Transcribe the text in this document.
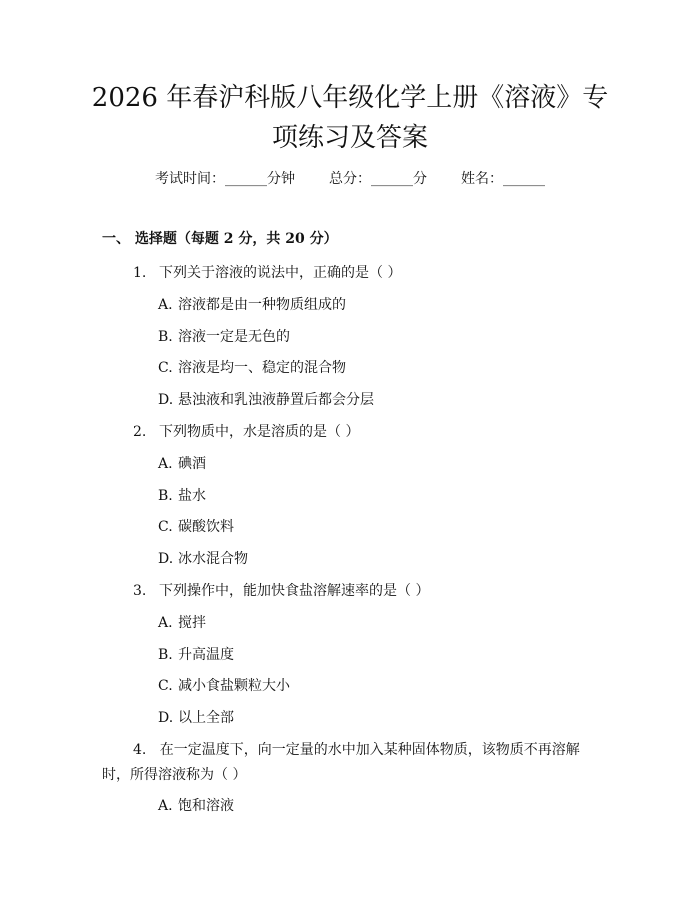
2026 年春沪科版八年级化学上册《溶液》专
项练习及答案
考试时间：______分钟 总分：______分 姓名：______
一、 选择题（每题 2 分，共 20 分）
1. 下列关于溶液的说法中，正确的是（ ）
A. 溶液都是由一种物质组成的
B. 溶液一定是无色的
C. 溶液是均一、稳定的混合物
D. 悬浊液和乳浊液静置后都会分层
2. 下列物质中，水是溶质的是（ ）
A. 碘酒
B. 盐水
C. 碳酸饮料
D. 冰水混合物
3. 下列操作中，能加快食盐溶解速率的是（ ）
A. 搅拌
B. 升高温度
C. 减小食盐颗粒大小
D. 以上全部
4. 在一定温度下，向一定量的水中加入某种固体物质，该物质不再溶解时，所得溶液称为（ ）
A. 饱和溶液
